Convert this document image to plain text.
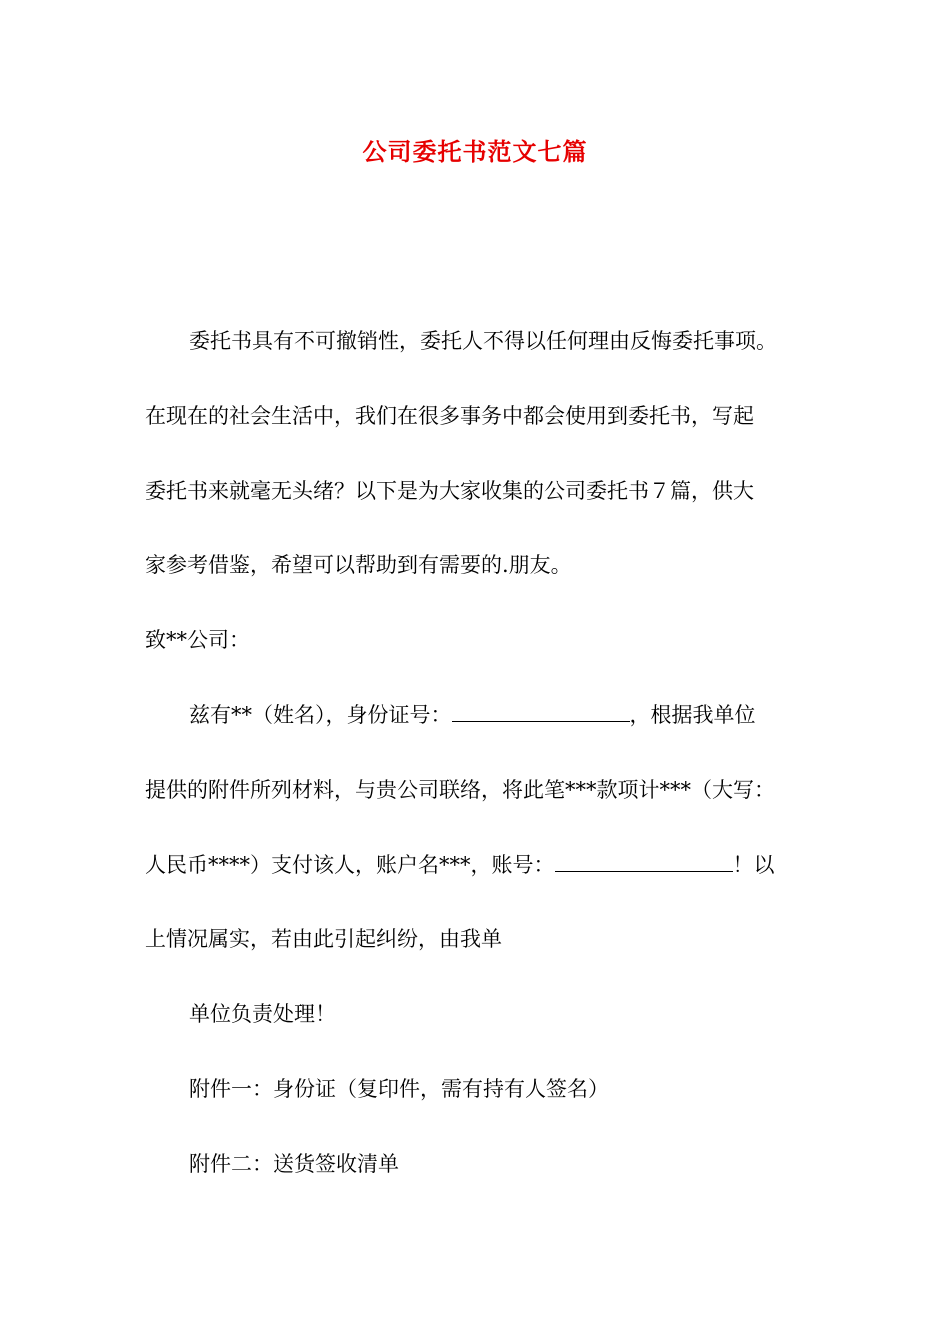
公司委托书范文七篇

委托书具有不可撤销性，委托人不得以任何理由反悔委托事项。

在现在的社会生活中，我们在很多事务中都会使用到委托书，写起

委托书来就毫无头绪？以下是为大家收集的公司委托书７篇，供大

家参考借鉴，希望可以帮助到有需要的.朋友。

致**公司：

兹有**（姓名），身份证号：	，根据我单位

提供的附件所列材料，与贵公司联络，将此笔***款项计***（大写：

人民币****）支付该人，账户名***，账号：	！以

上情况属实，若由此引起纠纷，由我单

单位负责处理！

附件一：身份证（复印件，需有持有人签名）

附件二：送货签收清单
